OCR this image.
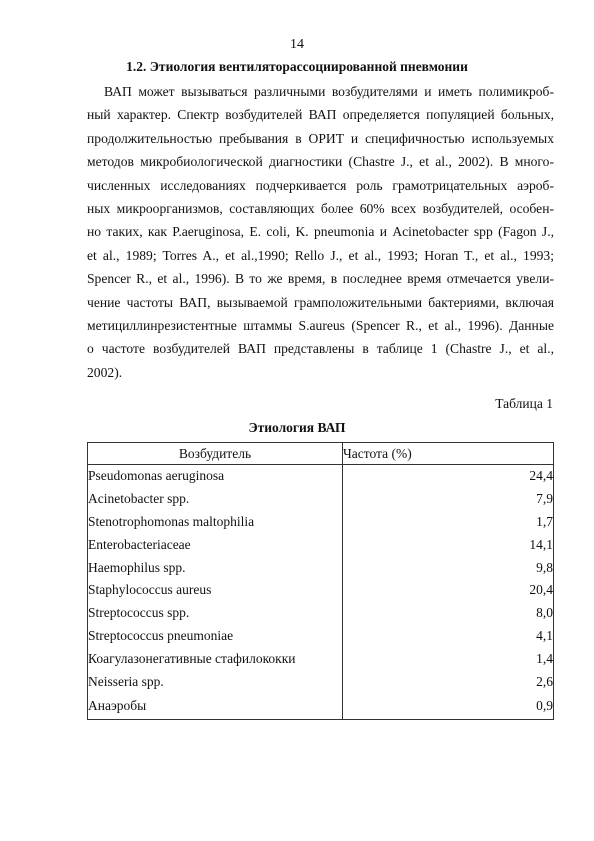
14
1.2. Этиология вентиляторассоциированной пневмонии

ВАП может вызываться различными возбудителями и иметь полимикроб-
ный характер. Спектр возбудителей ВАП определяется популяцией больных,
продолжительностью пребывания в ОРИТ и специфичностью используемых
методов микробиологической диагностики (Chastre J., et al., 2002). В много-
численных исследованиях подчеркивается роль грамотрицательных аэроб-
ных микроорганизмов, составляющих более 60% всех возбудителей, особен-
но таких, как P.aeruginosa, E. coli, K. pneumonia и Acinetobacter spp (Fagon J.,
et al., 1989; Torres A., et al.,1990; Rello J., et al., 1993; Horan T., et al., 1993;
Spencer R., et al., 1996). В то же время, в последнее время отмечается увели-
чение частоты ВАП, вызываемой грамположительными бактериями, включая
метициллинрезистентные штаммы S.aureus (Spencer R., et al., 1996). Данные
о частоте возбудителей ВАП представлены в таблице 1 (Chastre J., et al.,
2002).

Таблица 1
Этиология ВАП
Возбудитель	Частота (%)
Pseudomonas aeruginosa	24,4
Acinetobacter spp.	7,9
Stenotrophomonas maltophilia	1,7
Enterobacteriaceae	14,1
Haemophilus spp.	9,8
Staphylococcus aureus	20,4
Streptococcus spp.	8,0
Streptococcus pneumoniae	4,1
Коагулазонегативные стафилококки	1,4
Neisseria spp.	2,6
Анаэробы	0,9
